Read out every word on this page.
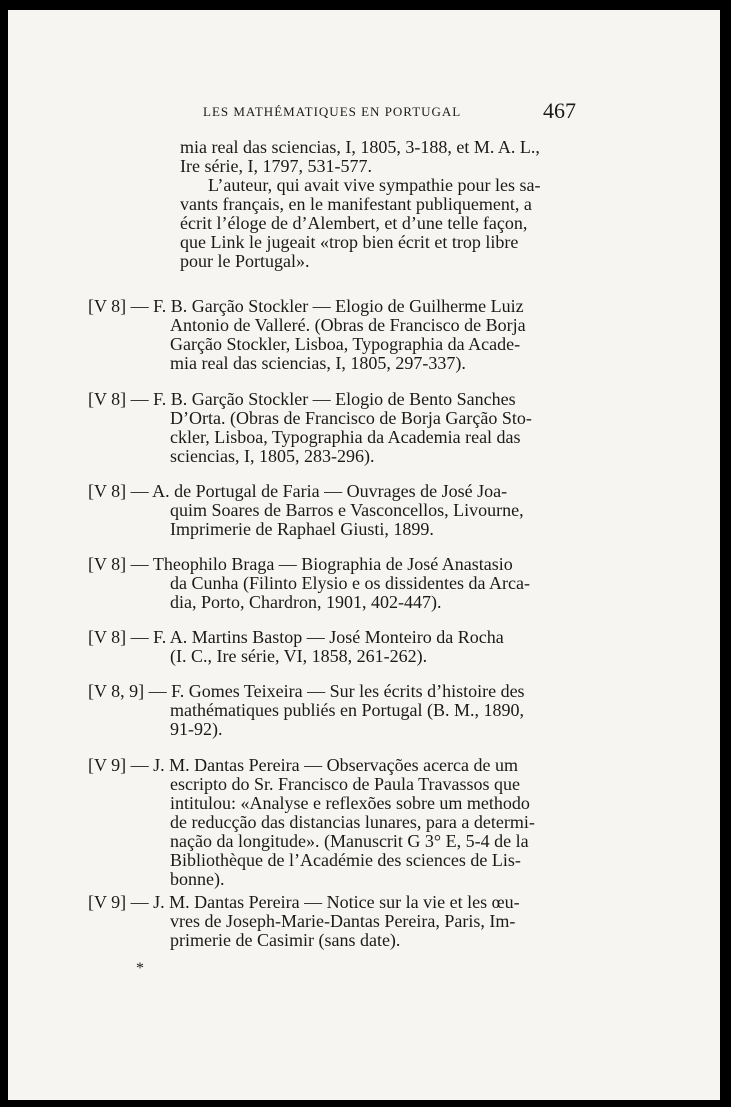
LES MATHÉMATIQUES EN PORTUGAL	467
mia real das sciencias, I, 1805, 3-188, et M. A. L.,
Ire série, I, 1797, 531-577.
L’auteur, qui avait vive sympathie pour les sa-
vants français, en le manifestant publiquement, a
écrit l’éloge de d’Alembert, et d’une telle façon,
que Link le jugeait «trop bien écrit et trop libre
pour le Portugal».
[V 8] — F. B. Garção Stockler — Elogio de Guilherme Luiz
Antonio de Valleré. (Obras de Francisco de Borja
Garção Stockler, Lisboa, Typographia da Acade-
mia real das sciencias, I, 1805, 297-337).
[V 8] — F. B. Garção Stockler — Elogio de Bento Sanches
D’Orta. (Obras de Francisco de Borja Garção Sto-
ckler, Lisboa, Typographia da Academia real das
sciencias, I, 1805, 283-296).
[V 8] — A. de Portugal de Faria — Ouvrages de José Joa-
quim Soares de Barros e Vasconcellos, Livourne,
Imprimerie de Raphael Giusti, 1899.
[V 8] — Theophilo Braga — Biographia de José Anastasio
da Cunha (Filinto Elysio e os dissidentes da Arca-
dia, Porto, Chardron, 1901, 402-447).
[V 8] — F. A. Martins Bastop — José Monteiro da Rocha
(I. C., Ire série, VI, 1858, 261-262).
[V 8, 9] — F. Gomes Teixeira — Sur les écrits d’histoire des
mathématiques publiés en Portugal (B. M., 1890,
91-92).
[V 9] — J. M. Dantas Pereira — Observações acerca de um
escripto do Sr. Francisco de Paula Travassos que
intitulou: «Analyse e reflexões sobre um methodo
de reducção das distancias lunares, para a determi-
nação da longitude». (Manuscrit G 3° E, 5-4 de la
Bibliothèque de l’Académie des sciences de Lis-
bonne).
[V 9] — J. M. Dantas Pereira — Notice sur la vie et les œu-
vres de Joseph-Marie-Dantas Pereira, Paris, Im-
primerie de Casimir (sans date).
*
